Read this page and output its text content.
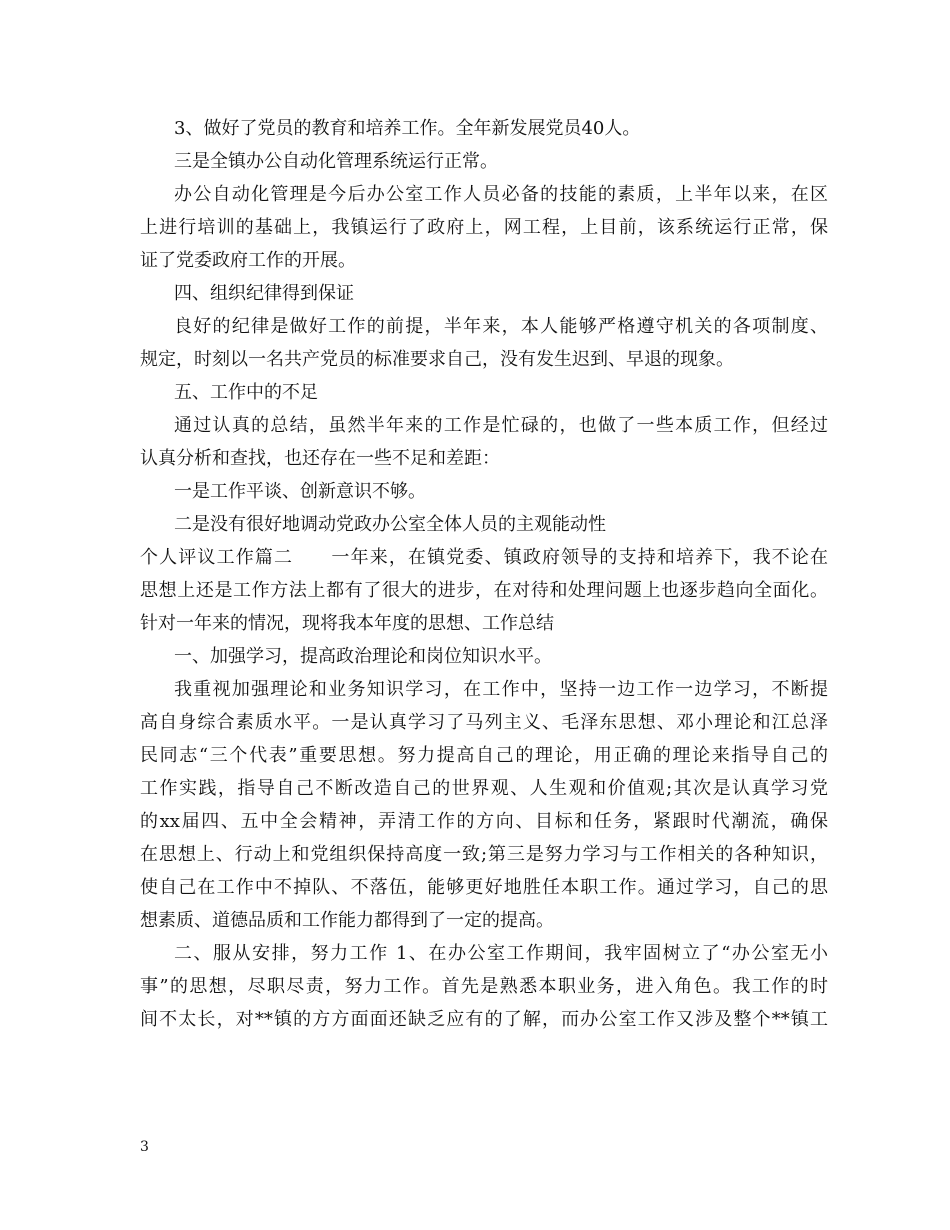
3、做好了党员的教育和培养工作。全年新发展党员40人。
三是全镇办公自动化管理系统运行正常。
办公自动化管理是今后办公室工作人员必备的技能的素质，上半年以来，在区
上进行培训的基础上，我镇运行了政府上，网工程，上目前，该系统运行正常，保
证了党委政府工作的开展。
四、组织纪律得到保证
良好的纪律是做好工作的前提，半年来，本人能够严格遵守机关的各项制度、
规定，时刻以一名共产党员的标准要求自己，没有发生迟到、早退的现象。
五、工作中的不足
通过认真的总结，虽然半年来的工作是忙碌的，也做了一些本质工作，但经过
认真分析和查找，也还存在一些不足和差距：
一是工作平谈、创新意识不够。
二是没有很好地调动党政办公室全体人员的主观能动性
个人评议工作篇二　　一年来，在镇党委、镇政府领导的支持和培养下，我不论在
思想上还是工作方法上都有了很大的进步，在对待和处理问题上也逐步趋向全面化。
针对一年来的情况，现将我本年度的思想、工作总结
一、加强学习，提高政治理论和岗位知识水平。
我重视加强理论和业务知识学习，在工作中，坚持一边工作一边学习，不断提
高自身综合素质水平。一是认真学习了马列主义、毛泽东思想、邓小理论和江总泽
民同志“三个代表”重要思想。努力提高自己的理论，用正确的理论来指导自己的
工作实践，指导自己不断改造自己的世界观、人生观和价值观;其次是认真学习党
的xx届四、五中全会精神，弄清工作的方向、目标和任务，紧跟时代潮流，确保
在思想上、行动上和党组织保持高度一致;第三是努力学习与工作相关的各种知识，
使自己在工作中不掉队、不落伍，能够更好地胜任本职工作。通过学习，自己的思
想素质、道德品质和工作能力都得到了一定的提高。
二、服从安排，努力工作 1、在办公室工作期间，我牢固树立了“办公室无小
事”的思想，尽职尽责，努力工作。首先是熟悉本职业务，进入角色。我工作的时
间不太长，对**镇的方方面面还缺乏应有的了解，而办公室工作又涉及整个**镇工
3
